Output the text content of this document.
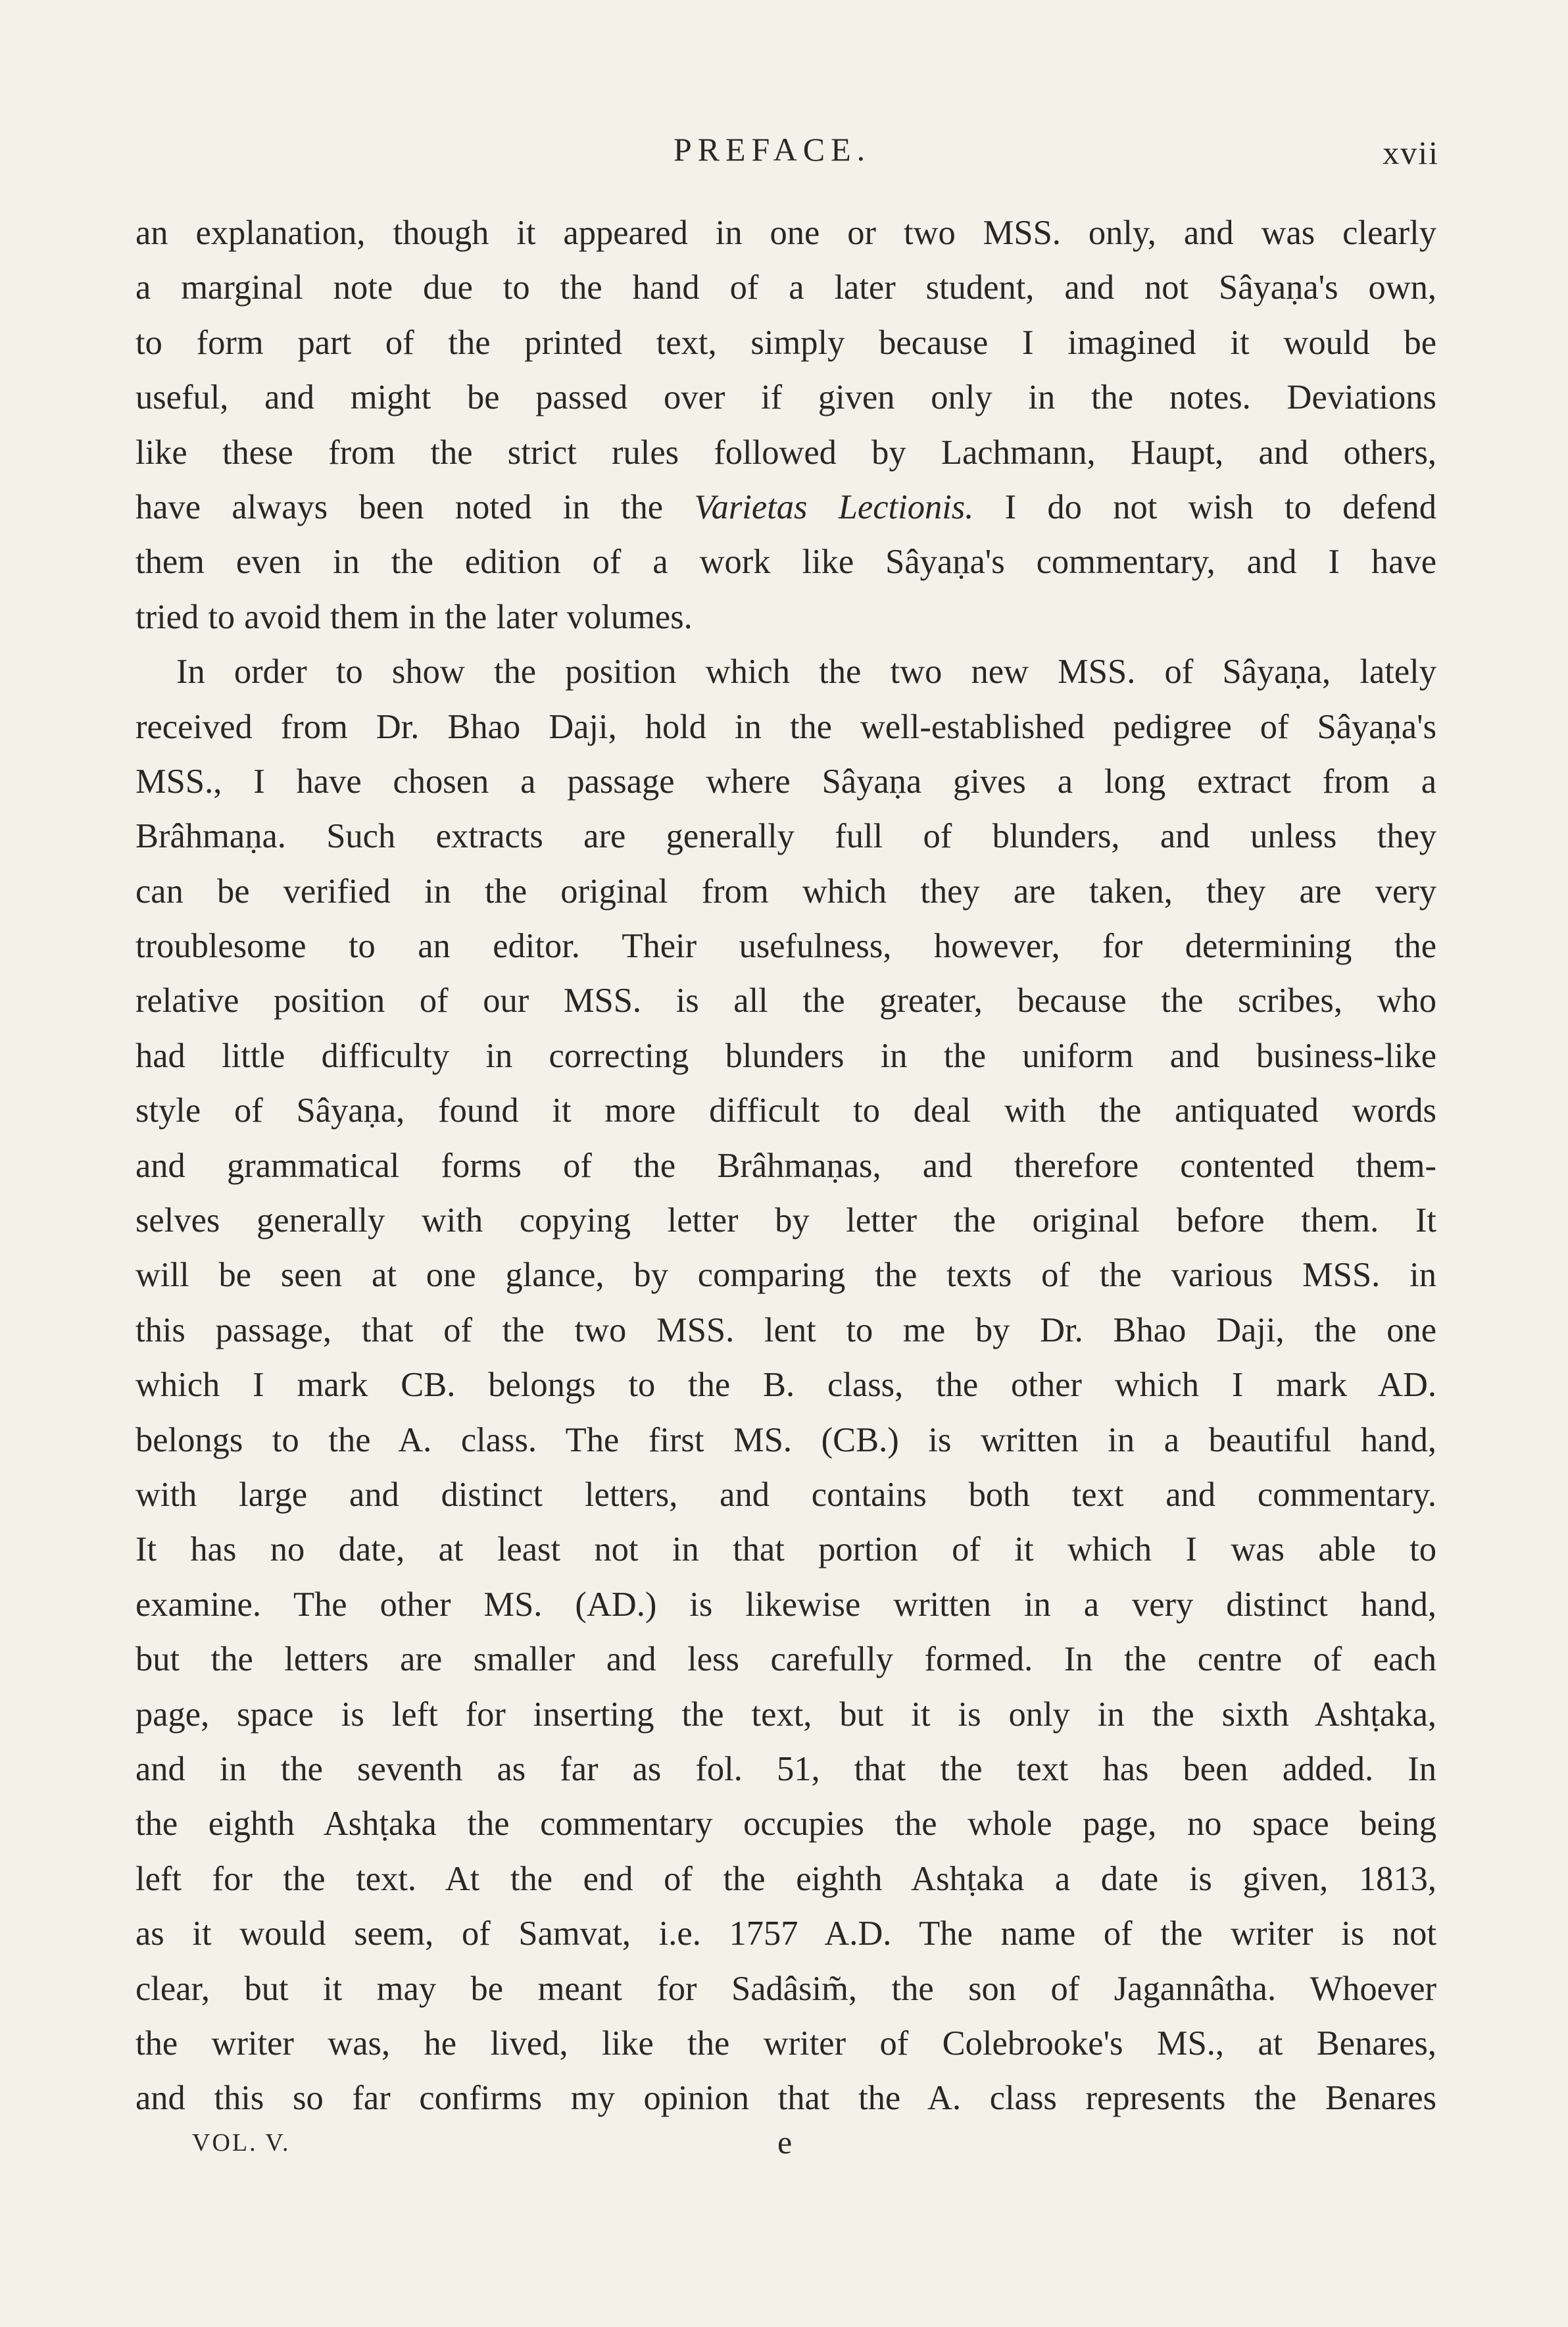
PREFACE.	xvii
an explanation, though it appeared in one or two MSS. only, and was clearly
a marginal note due to the hand of a later student, and not Sâyaṇa's own,
to form part of the printed text, simply because I imagined it would be
useful, and might be passed over if given only in the notes. Deviations
like these from the strict rules followed by Lachmann, Haupt, and others,
have always been noted in the Varietas Lectionis. I do not wish to defend
them even in the edition of a work like Sâyaṇa's commentary, and I have
tried to avoid them in the later volumes.
In order to show the position which the two new MSS. of Sâyaṇa, lately
received from Dr. Bhao Daji, hold in the well-established pedigree of Sâyaṇa's
MSS., I have chosen a passage where Sâyaṇa gives a long extract from a
Brâhmaṇa. Such extracts are generally full of blunders, and unless they
can be verified in the original from which they are taken, they are very
troublesome to an editor. Their usefulness, however, for determining the
relative position of our MSS. is all the greater, because the scribes, who
had little difficulty in correcting blunders in the uniform and business-like
style of Sâyaṇa, found it more difficult to deal with the antiquated words
and grammatical forms of the Brâhmaṇas, and therefore contented them-
selves generally with copying letter by letter the original before them. It
will be seen at one glance, by comparing the texts of the various MSS. in
this passage, that of the two MSS. lent to me by Dr. Bhao Daji, the one
which I mark CB. belongs to the B. class, the other which I mark AD.
belongs to the A. class. The first MS. (CB.) is written in a beautiful hand,
with large and distinct letters, and contains both text and commentary.
It has no date, at least not in that portion of it which I was able to
examine. The other MS. (AD.) is likewise written in a very distinct hand,
but the letters are smaller and less carefully formed. In the centre of each
page, space is left for inserting the text, but it is only in the sixth Ashṭaka,
and in the seventh as far as fol. 51, that the text has been added. In
the eighth Ashṭaka the commentary occupies the whole page, no space being
left for the text. At the end of the eighth Ashṭaka a date is given, 1813,
as it would seem, of Samvat, i.e. 1757 A.D. The name of the writer is not
clear, but it may be meant for Sadâsim̃, the son of Jagannâtha. Whoever
the writer was, he lived, like the writer of Colebrooke's MS., at Benares,
and this so far confirms my opinion that the A. class represents the Benares
VOL. V.	e
